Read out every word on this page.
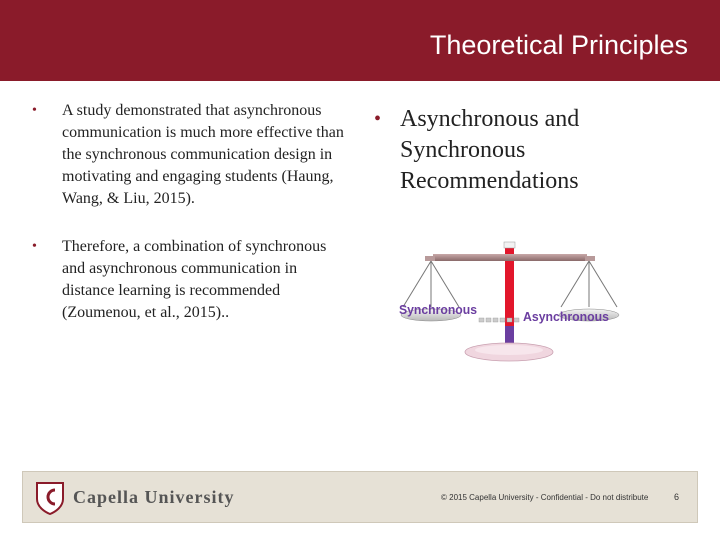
Theoretical Principles
• A study demonstrated that asynchronous communication is much more effective than the synchronous communication design in motivating and engaging students (Haung, Wang, & Liu, 2015).
• Therefore, a combination of synchronous and asynchronous communication in distance learning is recommended (Zoumenou, et al., 2015)..
• Asynchronous and Synchronous Recommendations
Synchronous	Asynchronous
Capella University	© 2015 Capella University - Confidential - Do not distribute	6
